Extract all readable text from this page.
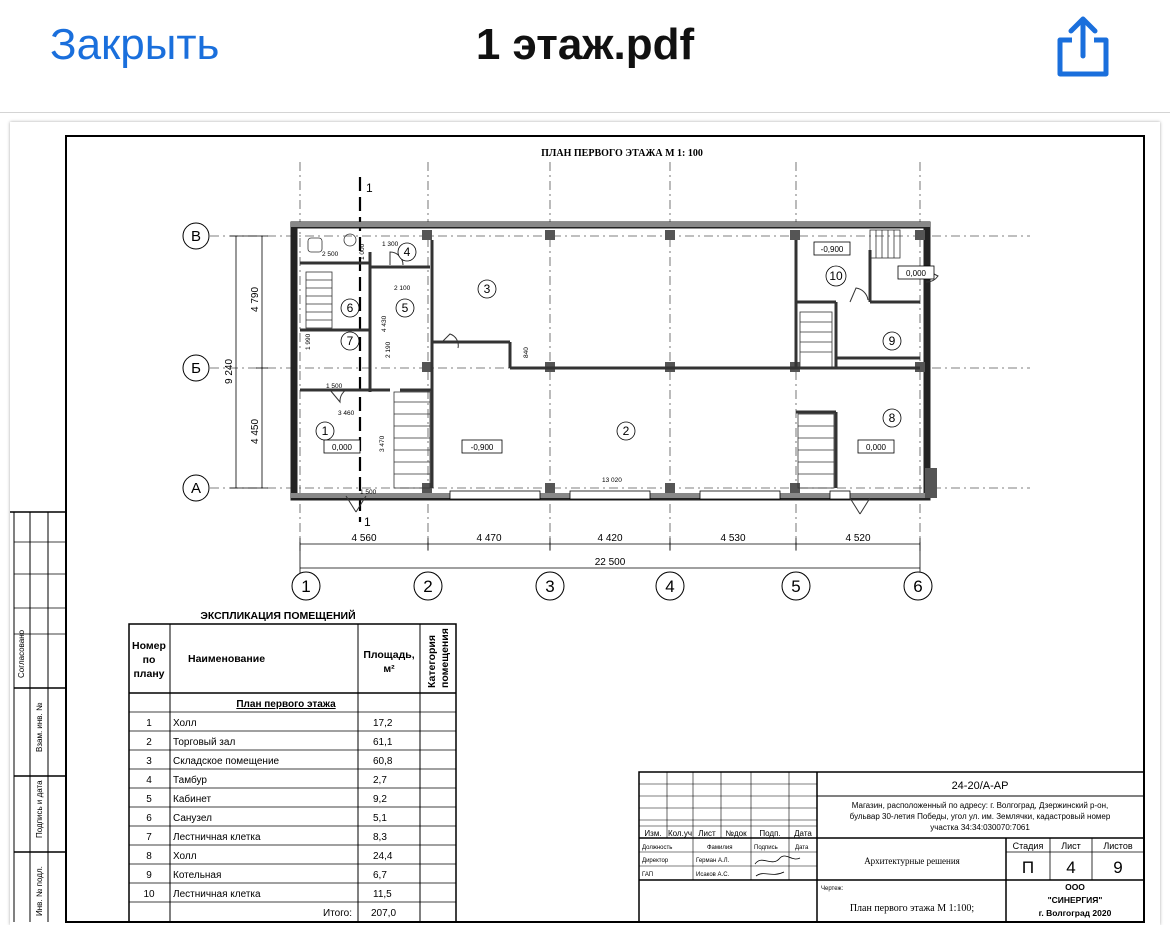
Закрыть	1 этаж.pdf
Согласовано
Взам. инв. №
Подпись и дата
Инв. № подл.
ПЛАН ПЕРВОГО ЭТАЖА М 1: 100
1
1
1	2
3
4
5
6
7
8
9
10
0,000	-0,900
-0,900
0,000
0,000
2 500
2 100
4 430
1 990	2 190
1 500
3 460
3 470
1 500
13 020
840
1 000 1 300
4 790
9 240
4 450
В
Б
А
4 560	4 470	4 420	4 530	4 520
22 500
1	2	3	4	5	6
ЭКСПЛИКАЦИЯ ПОМЕЩЕНИЙ
Номер
по
плану
Наименование	Площадь,
м²	Категория помещения
План первого этажа
1 Холл	17,2
2 Торговый зал	61,1
3 Складское помещение	60,8
4 Тамбур	2,7
5 Кабинет	9,2
6 Санузел	5,1
7 Лестничная клетка	8,3
8 Холл	24,4
9 Котельная	6,7
10 Лестничная клетка	11,5
Итого: 207,0
24-20/А-АР
Магазин, расположенный по адресу: г. Волгоград, Дзержинский р-он,
бульвар 30-летия Победы, угол ул. им. Землячки, кадастровый номер
участка 34:34:030070:7061
Изм. Кол.уч Лист №док Подп. Дата
Должность	Фамилия	Подпись	Дата
Директор	Герман А.Л.
ГАП	Исаков А.С.
Чертеж:
Архитектурные решения
Стадия Лист	Листов
П 4 9
План первого этажа М 1:100;
ООО
"СИНЕРГИЯ"
г. Волгоград 2020
